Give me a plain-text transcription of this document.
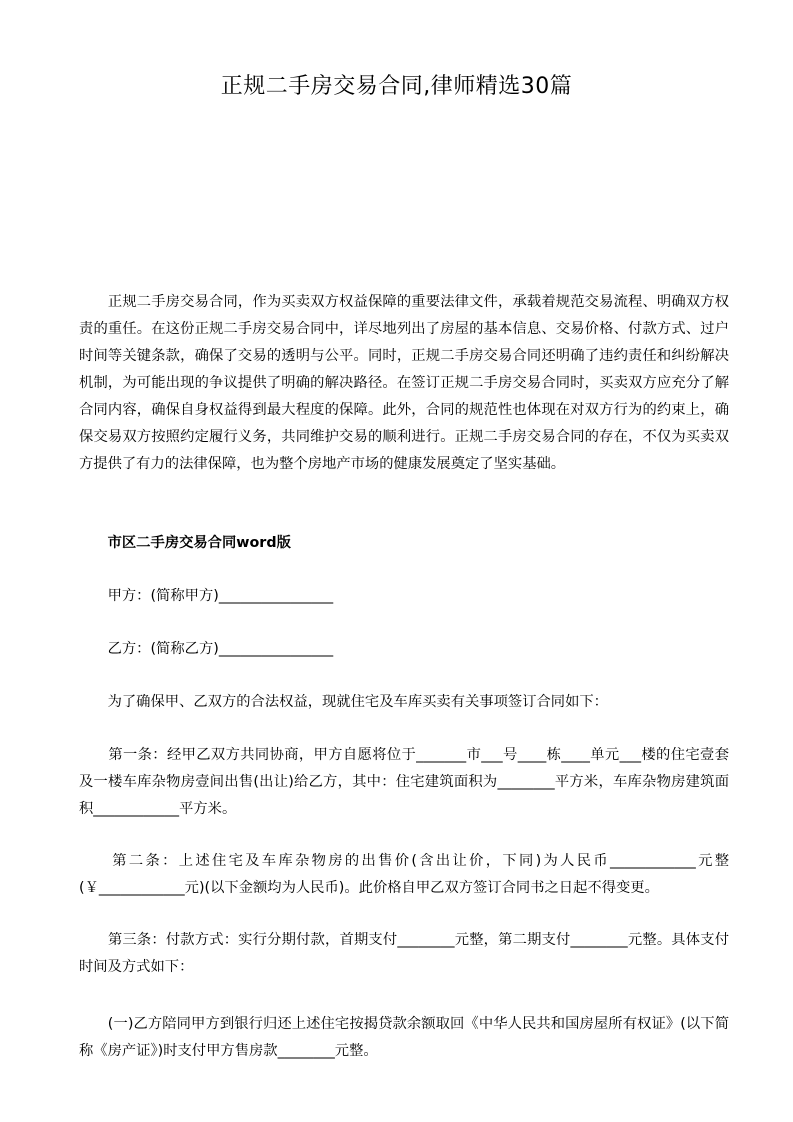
正规二手房交易合同,律师精选30篇

　　正规二手房交易合同，作为买卖双方权益保障的重要法律文件，承载着规范交易流程、明确双方权责的重任。在这份正规二手房交易合同中，详尽地列出了房屋的基本信息、交易价格、付款方式、过户时间等关键条款，确保了交易的透明与公平。同时，正规二手房交易合同还明确了违约责任和纠纷解决机制，为可能出现的争议提供了明确的解决路径。在签订正规二手房交易合同时，买卖双方应充分了解合同内容，确保自身权益得到最大程度的保障。此外，合同的规范性也体现在对双方行为的约束上，确保交易双方按照约定履行义务，共同维护交易的顺利进行。正规二手房交易合同的存在，不仅为买卖双方提供了有力的法律保障，也为整个房地产市场的健康发展奠定了坚实基础。

　　市区二手房交易合同word版

　　甲方：(简称甲方)________________

　　乙方：(简称乙方)________________

　　为了确保甲、乙双方的合法权益，现就住宅及车库买卖有关事项签订合同如下：

　　第一条：经甲乙双方共同协商，甲方自愿将位于_______市___号____栋____单元___楼的住宅壹套及一楼车库杂物房壹间出售(出让)给乙方，其中：住宅建筑面积为________平方米，车库杂物房建筑面积____________平方米。

　　第二条：上述住宅及车库杂物房的出售价(含出让价，下同)为人民币____________元整(￥____________元)(以下金额均为人民币)。此价格自甲乙双方签订合同书之日起不得变更。

　　第三条：付款方式：实行分期付款，首期支付________元整，第二期支付________元整。具体支付时间及方式如下：

　　(一)乙方陪同甲方到银行归还上述住宅按揭贷款余额取回《中华人民共和国房屋所有权证》(以下简称《房产证》)时支付甲方售房款________元整。
